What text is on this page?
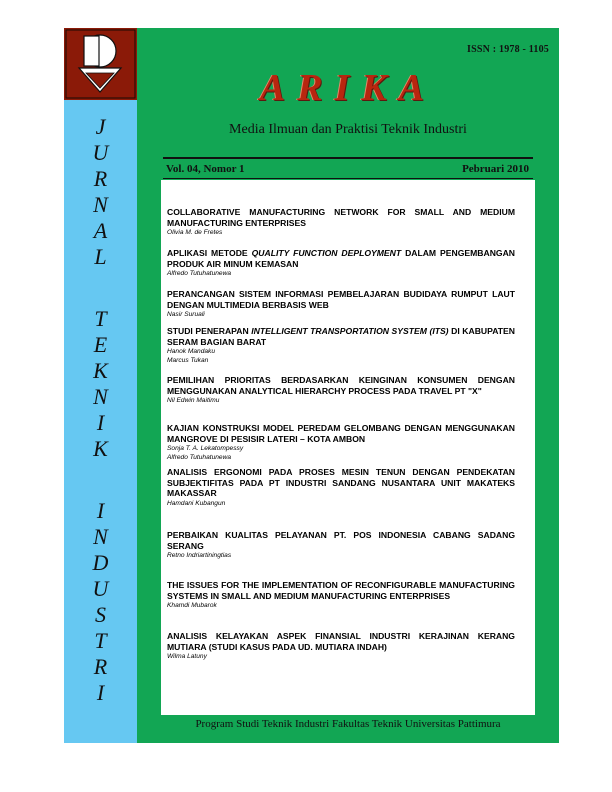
J
U
R
N
A
L
T
E
K
N
I
K
I
N
D
U
S
T
R
I
ISSN : 1978 - 1105
ARIKA
Media Ilmuan dan Praktisi Teknik Industri
Vol. 04, Nomor 1	Pebruari 2010
COLLABORATIVE MANUFACTURING NETWORK FOR SMALL AND MEDIUM MANUFACTURING ENTERPRISES
Olivia M. de Fretes
APLIKASI METODE QUALITY FUNCTION DEPLOYMENT DALAM PENGEMBANGAN PRODUK AIR MINUM KEMASAN
Alfredo Tutuhatunewa
PERANCANGAN SISTEM INFORMASI PEMBELAJARAN BUDIDAYA RUMPUT LAUT DENGAN MULTIMEDIA BERBASIS WEB
Nasir Suruali
STUDI PENERAPAN INTELLIGENT TRANSPORTATION SYSTEM (ITS) DI KABUPATEN SERAM BAGIAN BARAT
Hanok Mandaku
Marcus Tukan
PEMILIHAN PRIORITAS BERDASARKAN KEINGINAN KONSUMEN DENGAN MENGGUNAKAN ANALYTICAL HIERARCHY PROCESS PADA TRAVEL PT "X"
Nil Edwin Maitimu
KAJIAN KONSTRUKSI MODEL PEREDAM GELOMBANG DENGAN MENGGUNAKAN MANGROVE DI PESISIR LATERI – KOTA AMBON
Sonja T. A. Lekatompessy
Alfredo Tutuhatunewa
ANALISIS ERGONOMI PADA PROSES MESIN TENUN DENGAN PENDEKATAN SUBJEKTIFITAS PADA PT INDUSTRI SANDANG NUSANTARA UNIT MAKATEKS MAKASSAR
Hamdani Kubangun
PERBAIKAN KUALITAS PELAYANAN PT. POS INDONESIA CABANG SADANG SERANG
Retno Indriartiningtias
THE ISSUES FOR THE IMPLEMENTATION OF RECONFIGURABLE MANUFACTURING SYSTEMS IN SMALL AND MEDIUM MANUFACTURING ENTERPRISES
Khamdi Mubarok
ANALISIS KELAYAKAN ASPEK FINANSIAL INDUSTRI KERAJINAN KERANG MUTIARA (STUDI KASUS PADA UD. MUTIARA INDAH)
Wilma Latuny
Program Studi Teknik Industri Fakultas Teknik Universitas Pattimura
